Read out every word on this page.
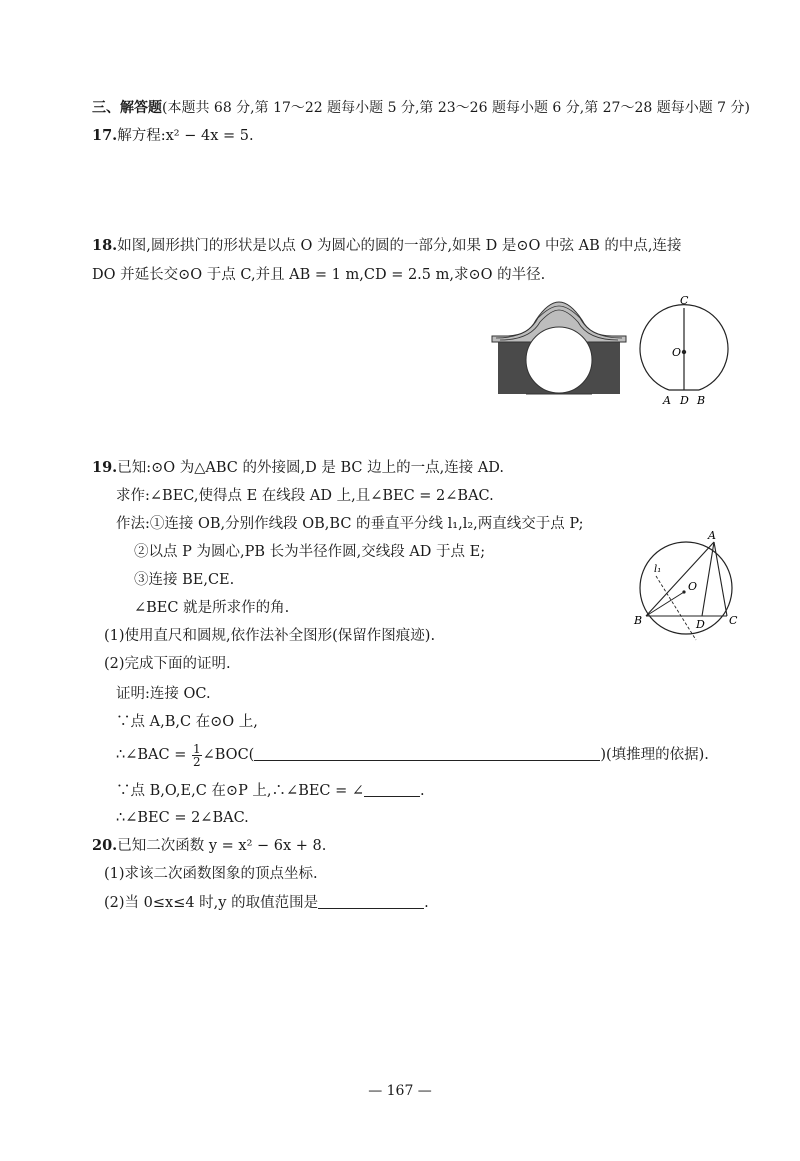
三、解答题(本题共 68 分,第 17～22 题每小题 5 分,第 23～26 题每小题 6 分,第 27～28 题每小题 7 分)
17.解方程:x² − 4x = 5.
18.如图,圆形拱门的形状是以点 O 为圆心的圆的一部分,如果 D 是⊙O 中弦 AB 的中点,连接
DO 并延长交⊙O 于点 C,并且 AB = 1 m,CD = 2.5 m,求⊙O 的半径.
C
O
A D B
19.已知:⊙O 为△ABC 的外接圆,D 是 BC 边上的一点,连接 AD.
求作:∠BEC,使得点 E 在线段 AD 上,且∠BEC = 2∠BAC.
作法:①连接 OB,分别作线段 OB,BC 的垂直平分线 l₁,l₂,两直线交于点 P;
②以点 P 为圆心,PB 长为半径作圆,交线段 AD 于点 E;
③连接 BE,CE.
∠BEC 就是所求作的角.
(1)使用直尺和圆规,依作法补全图形(保留作图痕迹).
(2)完成下面的证明.
证明:连接 OC.
∵点 A,B,C 在⊙O 上,
∴∠BAC = $\frac{1}{2}$ ∠BOC(	)(填推理的依据).
∵点 B,O,E,C 在⊙P 上,∴∠BEC = ∠	.
∴∠BEC = 2∠BAC.
A
B	C
D
O
l₁
20.已知二次函数 y = x² − 6x + 8.
(1)求该二次函数图象的顶点坐标.
(2)当 0≤x≤4 时,y 的取值范围是	.
— 167 —
